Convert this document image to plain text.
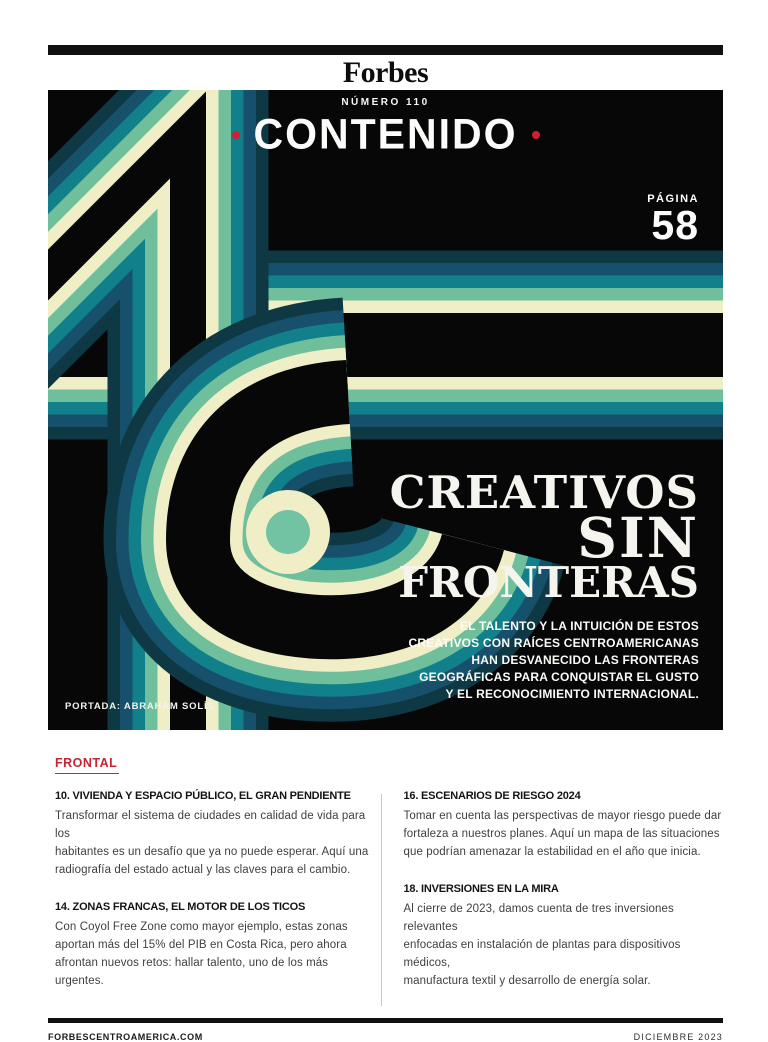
Forbes
NÚMERO 110
CONTENIDO
PÁGINA
58
CREATIVOS
SIN
FRONTERAS
EL TALENTO Y LA INTUICIÓN DE ESTOS
CREATIVOS CON RAÍCES CENTROAMERICANAS
HAN DESVANECIDO LAS FRONTERAS
GEOGRÁFICAS PARA CONQUISTAR EL GUSTO
Y EL RECONOCIMIENTO INTERNACIONAL.
PORTADA: ABRAHAM SOLÍS
FRONTAL
10. VIVIENDA Y ESPACIO PÚBLICO, EL GRAN PENDIENTE
Transformar el sistema de ciudades en calidad de vida para los
habitantes es un desafío que ya no puede esperar. Aquí una
radiografía del estado actual y las claves para el cambio.
14. ZONAS FRANCAS, EL MOTOR DE LOS TICOS
Con Coyol Free Zone como mayor ejemplo, estas zonas
aportan más del 15% del PIB en Costa Rica, pero ahora
afrontan nuevos retos: hallar talento, uno de los más urgentes.
16. ESCENARIOS DE RIESGO 2024
Tomar en cuenta las perspectivas de mayor riesgo puede dar
fortaleza a nuestros planes. Aquí un mapa de las situaciones
que podrían amenazar la estabilidad en el año que inicia.
18. INVERSIONES EN LA MIRA
Al cierre de 2023, damos cuenta de tres inversiones relevantes
enfocadas en instalación de plantas para dispositivos médicos,
manufactura textil y desarrollo de energía solar.
FORBESCENTROAMERICA.COM	DICIEMBRE 2023
